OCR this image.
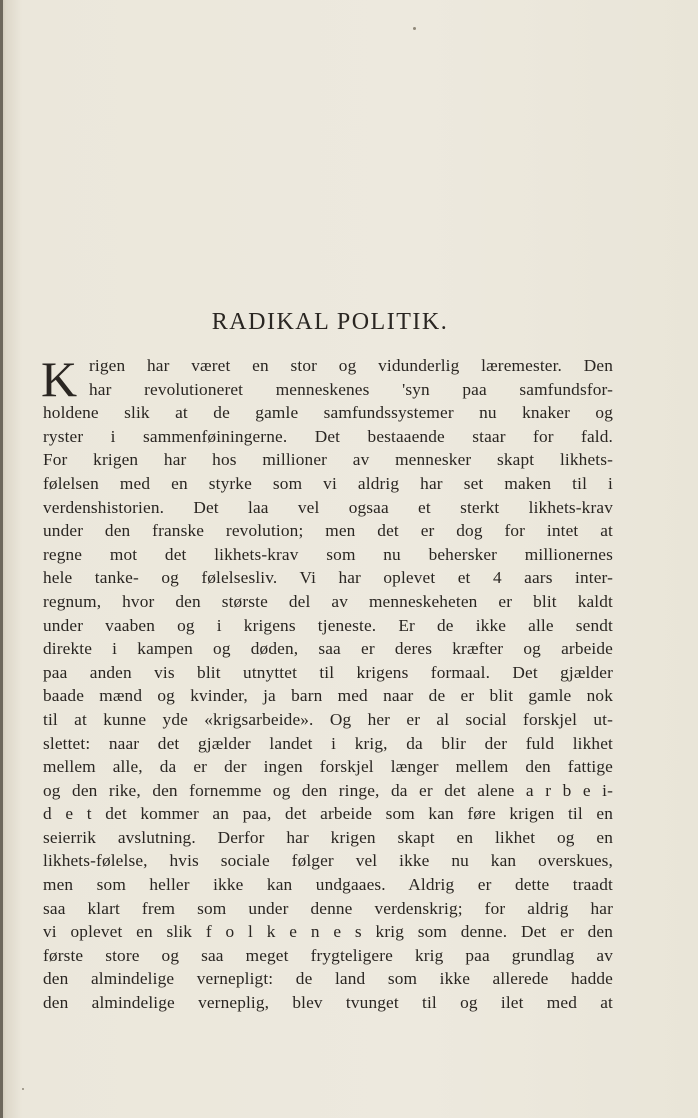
RADIKAL POLITIK.
K rigen har været en stor og vidunderlig læremester. Den
har revolutioneret menneskenes 'syn paa samfundsfor-
holdene slik at de gamle samfundssystemer nu knaker og
ryster i sammenføiningerne. Det bestaaende staar for fald.
For krigen har hos millioner av mennesker skapt likhets-
følelsen med en styrke som vi aldrig har set maken til i
verdenshistorien. Det laa vel ogsaa et sterkt likhets-krav
under den franske revolution; men det er dog for intet at
regne mot det likhets-krav som nu behersker millionernes
hele tanke- og følelsesliv. Vi har oplevet et 4 aars inter-
regnum, hvor den største del av menneskeheten er blit kaldt
under vaaben og i krigens tjeneste. Er de ikke alle sendt
direkte i kampen og døden, saa er deres kræfter og arbeide
paa anden vis blit utnyttet til krigens formaal. Det gjælder
baade mænd og kvinder, ja barn med naar de er blit gamle nok
til at kunne yde «krigsarbeide». Og her er al social forskjel ut-
slettet: naar det gjælder landet i krig, da blir der fuld likhet
mellem alle, da er der ingen forskjel længer mellem den fattige
og den rike, den fornemme og den ringe, da er det alene a r b e i-
d e t det kommer an paa, det arbeide som kan føre krigen til en
seierrik avslutning. Derfor har krigen skapt en likhet og en
likhets-følelse, hvis sociale følger vel ikke nu kan overskues,
men som heller ikke kan undgaaes. Aldrig er dette traadt
saa klart frem som under denne verdenskrig; for aldrig har
vi oplevet en slik f o l k e n e s krig som denne. Det er den
første store og saa meget frygteligere krig paa grundlag av
den almindelige vernepligt: de land som ikke allerede hadde
den almindelige verneplig, blev tvunget til og ilet med at
